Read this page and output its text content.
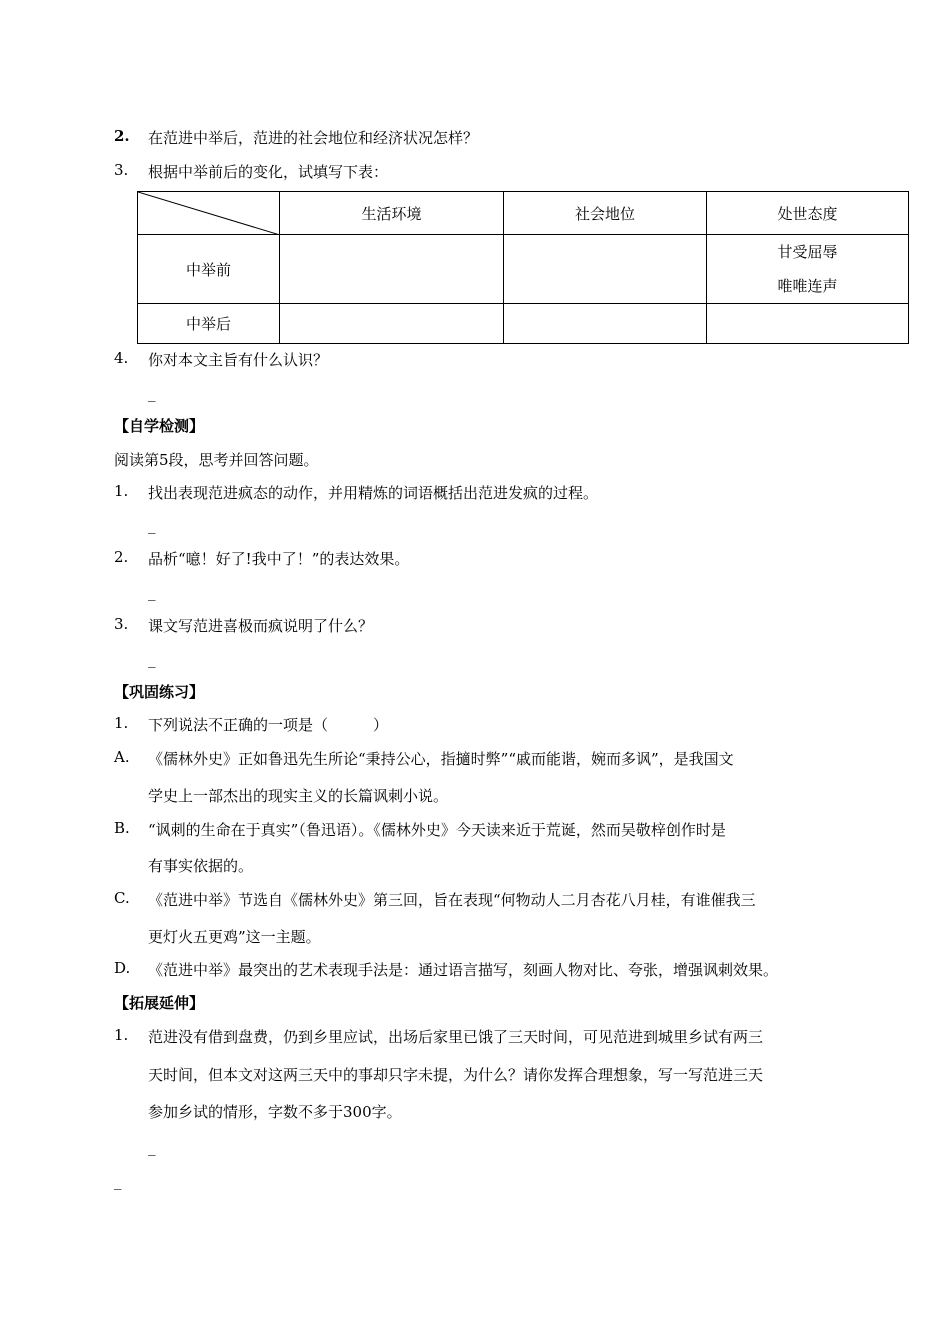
2. 在范进中举后，范进的社会地位和经济状况怎样？
3. 根据中举前后的变化，试填写下表：
	生活环境	社会地位	处世态度
中举前			甘受屈辱
唯唯连声

中举后			
4. 你对本文主旨有什么认识？
_
【自学检测】
阅读第5段，思考并回答问题。
1. 找出表现范进疯态的动作，并用精炼的词语概括出范进发疯的过程。
_
2. 品析“噫！好了!我中了！”的表达效果。
_
3. 课文写范进喜极而疯说明了什么？
_
【巩固练习】
1. 下列说法不正确的一项是（　　　）
A. 《儒林外史》正如鲁迅先生所论“秉持公心，指擿时弊”“戚而能谐，婉而多讽”，是我国文
学史上一部杰出的现实主义的长篇讽刺小说。
B. “讽刺的生命在于真实”（鲁迅语）。《儒林外史》今天读来近于荒诞，然而吴敬梓创作时是
有事实依据的。
C. 《范进中举》节选自《儒林外史》第三回，旨在表现“何物动人二月杏花八月桂，有谁催我三
更灯火五更鸡”这一主题。
D. 《范进中举》最突出的艺术表现手法是：通过语言描写，刻画人物对比、夸张，增强讽刺效果。
【拓展延伸】
1. 范进没有借到盘费，仍到乡里应试，出场后家里已饿了三天时间，可见范进到城里乡试有两三
天时间，但本文对这两三天中的事却只字未提，为什么？请你发挥合理想象，写一写范进三天
参加乡试的情形，字数不多于300字。
_
_
